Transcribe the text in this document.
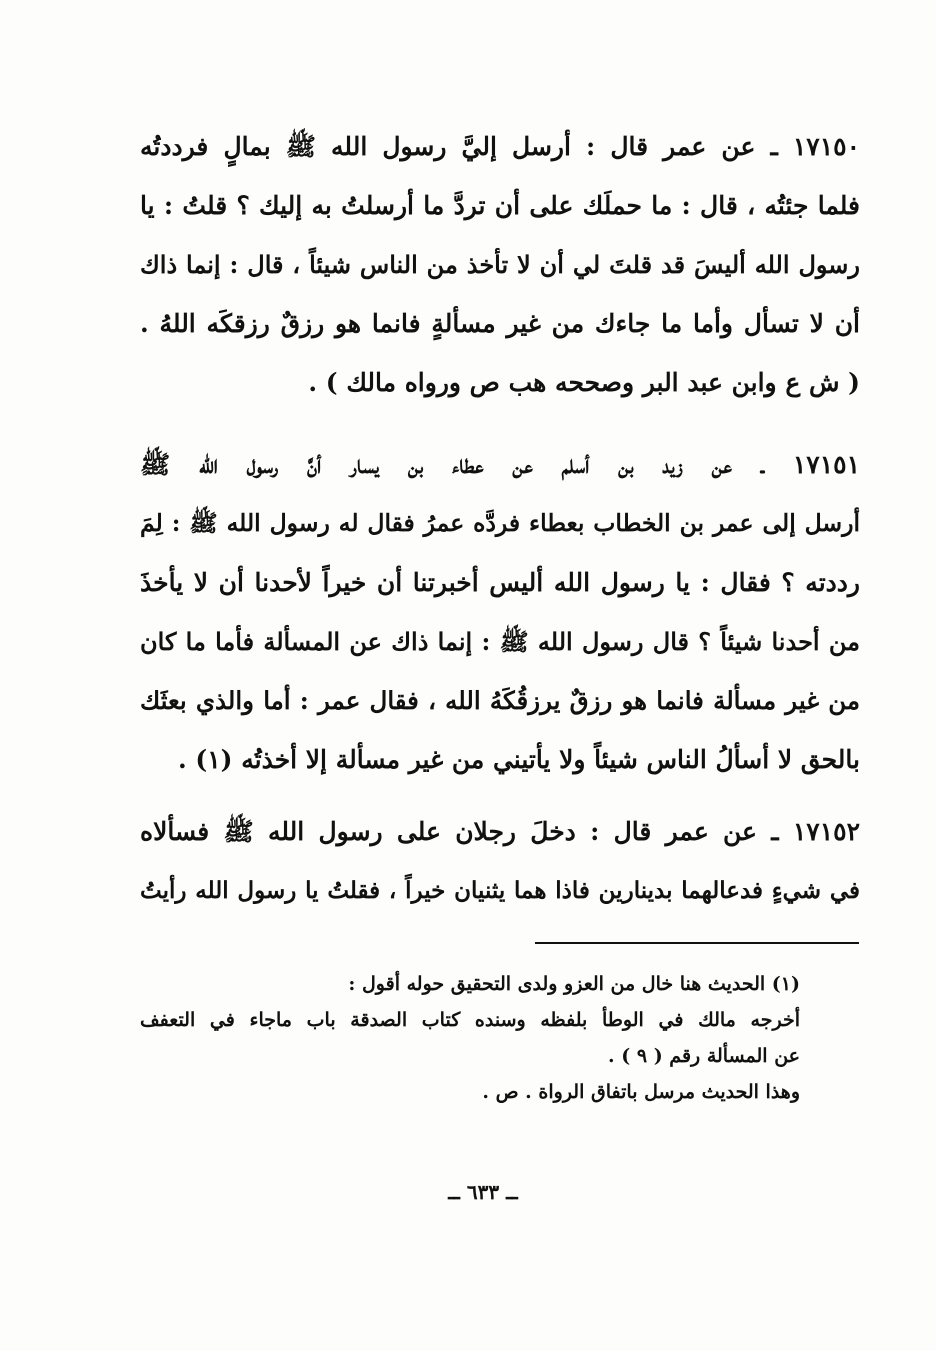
١٧١٥٠ ـ عن عمر قال : أرسل إليَّ رسول الله ﷺ بمالٍ فرددتُه
فلما جئتُه ، قال : ما حملَك على أن تردَّ ما أرسلتُ به إليك ؟ قلتُ : يا
رسول الله أليسَ قد قلتَ لي أن لا تأخذ من الناس شيئاً ، قال : إنما ذاك
أن لا تسأل وأما ما جاءك من غير مسألةٍ فانما هو رزقٌ رزقكَه اللهُ .
( ش ع وابن عبد البر وصححه هب ص ورواه مالك ) .
١٧١٥١ ـ عن زيد بن أسلم عن عطاء بن يسار أنَّ رسول الله ﷺ
أرسل إلى عمر بن الخطاب بعطاء فردَّه عمرُ فقال له رسول الله ﷺ : لِمَ
رددته ؟ فقال : يا رسول الله أليس أخبرتنا أن خيراً لأحدنا أن لا يأخذَ
من أحدنا شيئاً ؟ قال رسول الله ﷺ : إنما ذاك عن المسألة فأما ما كان
من غير مسألة فانما هو رزقٌ يرزقُكَهُ الله ، فقال عمر : أما والذي بعثَك
بالحق لا أسألُ الناس شيئاً ولا يأتيني من غير مسألة إلا أخذتُه (١) .
١٧١٥٢ ـ عن عمر قال : دخلَ رجلان على رسول الله ﷺ فسألاه
في شيءٍ فدعالهما بدينارين فاذا هما يثنيان خيراً ، فقلتُ يا رسول الله رأيتُ
(١) الحديث هنا خال من العزو ولدى التحقيق حوله أقول :
أخرجه مالك في الوطأ بلفظه وسنده كتاب الصدقة باب ماجاء في التعفف
عن المسألة رقم ( ٩ ) .
وهذا الحديث مرسل باتفاق الرواة . ص .
ــ ٦٣٣ ــ
